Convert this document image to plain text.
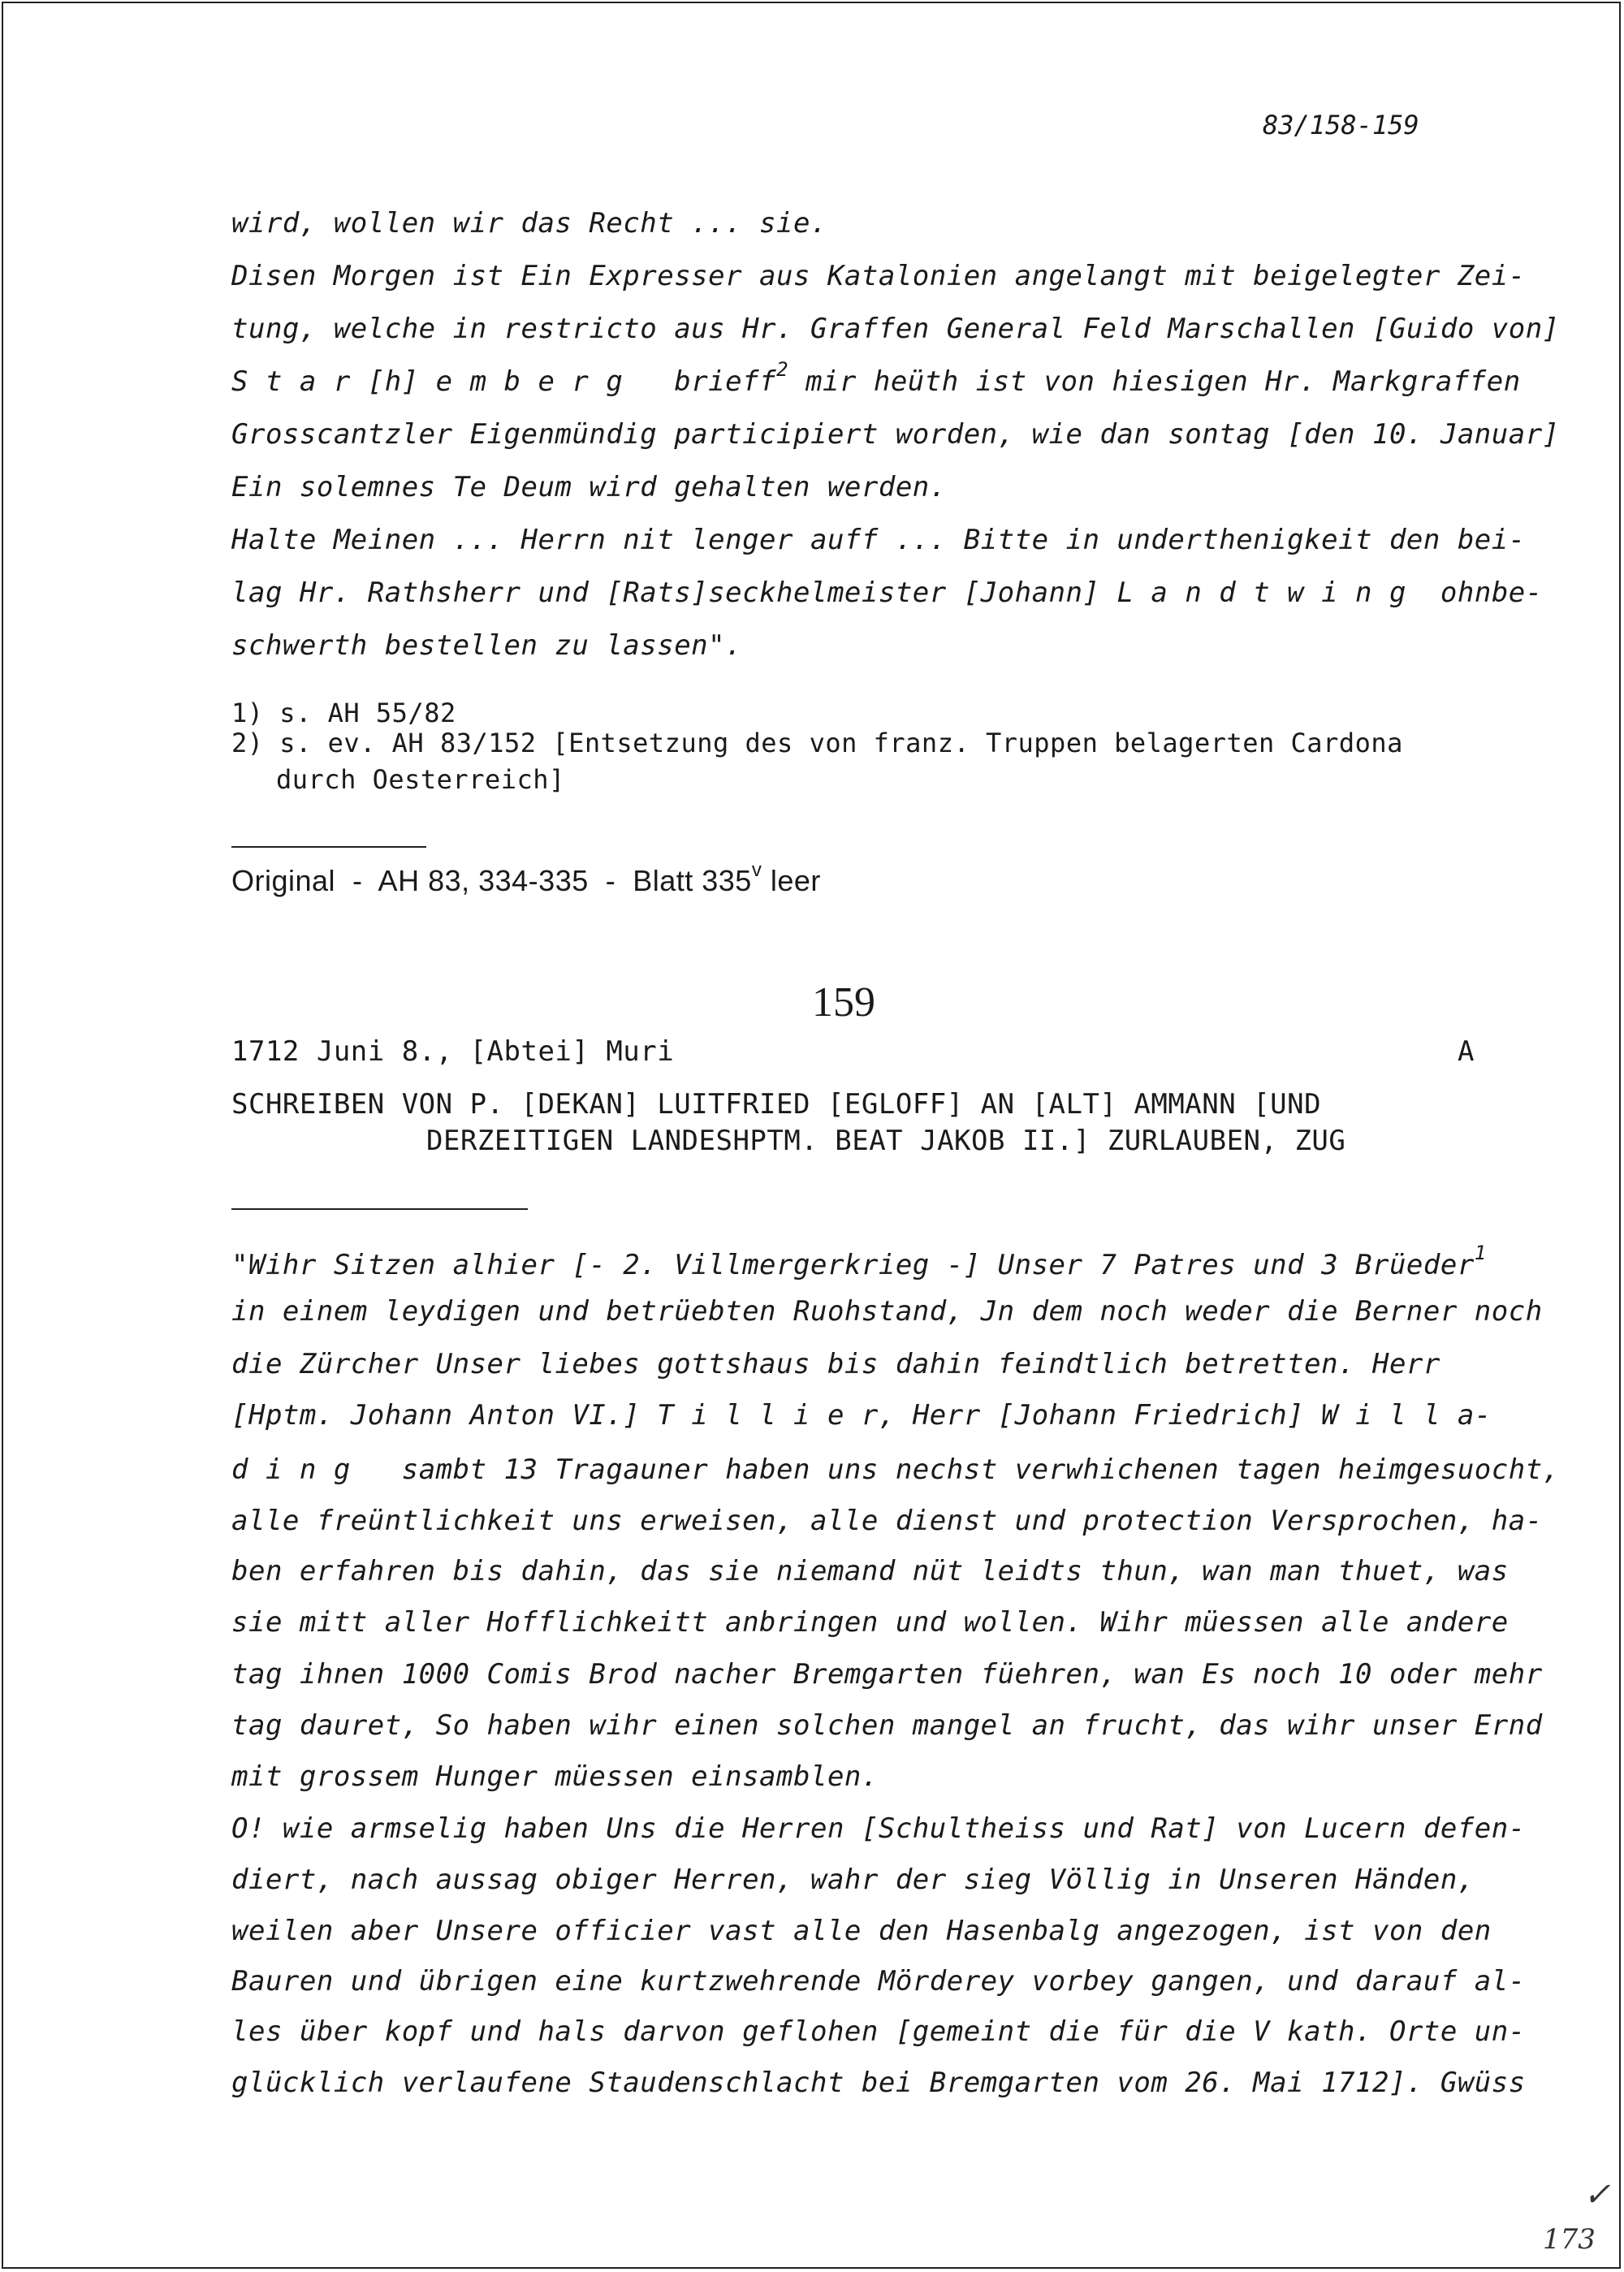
83/158-159
wird, wollen wir das Recht ... sie.
Disen Morgen ist Ein Expresser aus Katalonien angelangt mit beigelegter Zei-
tung, welche in restricto aus Hr. Graffen General Feld Marschallen [Guido von]
S t a r [h] e m b e r g brieff$^2$ mir heüth ist von hiesigen Hr. Markgraffen
Grosscantzler Eigenmündig participiert worden, wie dan sontag [den 10. Januar]
Ein solemnes Te Deum wird gehalten werden.
Halte Meinen ... Herrn nit lenger auff ... Bitte in underthenigkeit den bei-
lag Hr. Rathsherr und [Rats]seckhelmeister [Johann] L a n d t w i n g ohnbe-
schwerth bestellen zu lassen".
1) s. AH 55/82
2) s. ev. AH 83/152 [Entsetzung des von franz. Truppen belagerten Cardona
durch Oesterreich]
Original  -  AH 83, 334-335  -  Blatt 335$^v$ leer
159
1712 Juni 8., [Abtei] Muri	A
SCHREIBEN VON P. [DEKAN] LUITFRIED [EGLOFF] AN [ALT] AMMANN [UND
DERZEITIGEN LANDESHPTM. BEAT JAKOB II.] ZURLAUBEN, ZUG
"Wihr Sitzen alhier [- 2. Villmergerkrieg -] Unser 7 Patres und 3 Brüeder$^1$
in einem leydigen und betrüebten Ruohstand, Jn dem noch weder die Berner noch
die Zürcher Unser liebes gottshaus bis dahin feindtlich betretten. Herr
[Hptm. Johann Anton VI.] T i l l i e r, Herr [Johann Friedrich] W i l l a-
d i n g sambt 13 Tragauner haben uns nechst verwhichenen tagen heimgesuocht,
alle freüntlichkeit uns erweisen, alle dienst und protection Versprochen, ha-
ben erfahren bis dahin, das sie niemand nüt leidts thun, wan man thuet, was
sie mitt aller Hofflichkeitt anbringen und wollen. Wihr müessen alle andere
tag ihnen 1000 Comis Brod nacher Bremgarten füehren, wan Es noch 10 oder mehr
tag dauret, So haben wihr einen solchen mangel an frucht, das wihr unser Ernd
mit grossem Hunger müessen einsamblen.
O! wie armselig haben Uns die Herren [Schultheiss und Rat] von Lucern defen-
diert, nach aussag obiger Herren, wahr der sieg Völlig in Unseren Händen,
weilen aber Unsere officier vast alle den Hasenbalg angezogen, ist von den
Bauren und übrigen eine kurtzwehrende Mörderey vorbey gangen, und darauf al-
les über kopf und hals darvon geflohen [gemeint die für die V kath. Orte un-
glücklich verlaufene Staudenschlacht bei Bremgarten vom 26. Mai 1712]. Gwüss
✓
173
